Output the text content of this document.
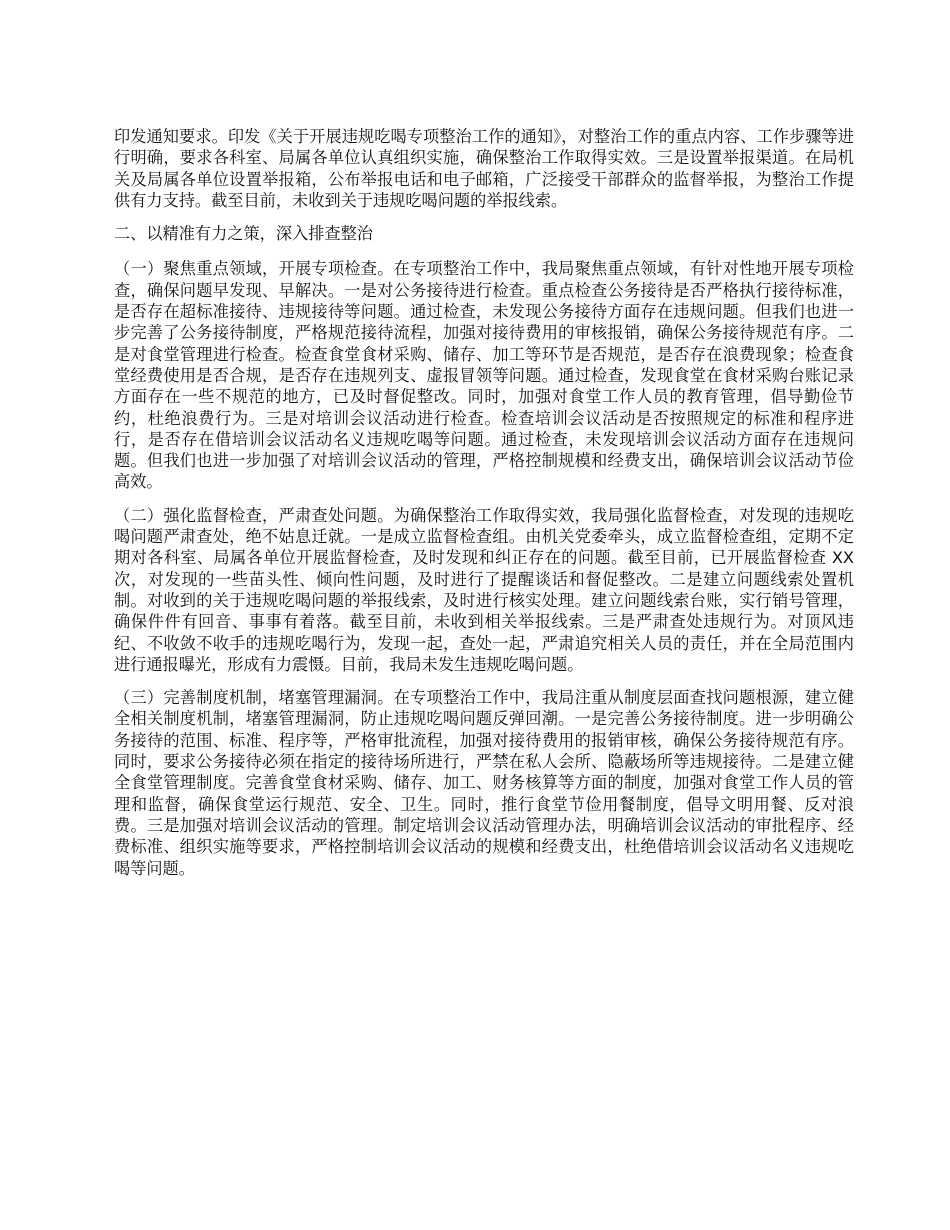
印发通知要求。印发《关于开展违规吃喝专项整治工作的通知》，对整治工作的重点内容、工作步骤等进行明确，要求各科室、局属各单位认真组织实施，确保整治工作取得实效。三是设置举报渠道。在局机关及局属各单位设置举报箱，公布举报电话和电子邮箱，广泛接受干部群众的监督举报，为整治工作提供有力支持。截至目前，未收到关于违规吃喝问题的举报线索。

二、以精准有力之策，深入排查整治

（一）聚焦重点领域，开展专项检查。在专项整治工作中，我局聚焦重点领域，有针对性地开展专项检查，确保问题早发现、早解决。一是对公务接待进行检查。重点检查公务接待是否严格执行接待标准，是否存在超标准接待、违规接待等问题。通过检查，未发现公务接待方面存在违规问题。但我们也进一步完善了公务接待制度，严格规范接待流程，加强对接待费用的审核报销，确保公务接待规范有序。二是对食堂管理进行检查。检查食堂食材采购、储存、加工等环节是否规范，是否存在浪费现象；检查食堂经费使用是否合规，是否存在违规列支、虚报冒领等问题。通过检查，发现食堂在食材采购台账记录方面存在一些不规范的地方，已及时督促整改。同时，加强对食堂工作人员的教育管理，倡导勤俭节约，杜绝浪费行为。三是对培训会议活动进行检查。检查培训会议活动是否按照规定的标准和程序进行，是否存在借培训会议活动名义违规吃喝等问题。通过检查，未发现培训会议活动方面存在违规问题。但我们也进一步加强了对培训会议活动的管理，严格控制规模和经费支出，确保培训会议活动节俭高效。

（二）强化监督检查，严肃查处问题。为确保整治工作取得实效，我局强化监督检查，对发现的违规吃喝问题严肃查处，绝不姑息迁就。一是成立监督检查组。由机关党委牵头，成立监督检查组，定期不定期对各科室、局属各单位开展监督检查，及时发现和纠正存在的问题。截至目前，已开展监督检查 XX 次，对发现的一些苗头性、倾向性问题，及时进行了提醒谈话和督促整改。二是建立问题线索处置机制。对收到的关于违规吃喝问题的举报线索，及时进行核实处理。建立问题线索台账，实行销号管理，确保件件有回音、事事有着落。截至目前，未收到相关举报线索。三是严肃查处违规行为。对顶风违纪、不收敛不收手的违规吃喝行为，发现一起，查处一起，严肃追究相关人员的责任，并在全局范围内进行通报曝光，形成有力震慑。目前，我局未发生违规吃喝问题。

（三）完善制度机制，堵塞管理漏洞。在专项整治工作中，我局注重从制度层面查找问题根源，建立健全相关制度机制，堵塞管理漏洞，防止违规吃喝问题反弹回潮。一是完善公务接待制度。进一步明确公务接待的范围、标准、程序等，严格审批流程，加强对接待费用的报销审核，确保公务接待规范有序。同时，要求公务接待必须在指定的接待场所进行，严禁在私人会所、隐蔽场所等违规接待。二是建立健全食堂管理制度。完善食堂食材采购、储存、加工、财务核算等方面的制度，加强对食堂工作人员的管理和监督，确保食堂运行规范、安全、卫生。同时，推行食堂节俭用餐制度，倡导文明用餐、反对浪费。三是加强对培训会议活动的管理。制定培训会议活动管理办法，明确培训会议活动的审批程序、经费标准、组织实施等要求，严格控制培训会议活动的规模和经费支出，杜绝借培训会议活动名义违规吃喝等问题。
